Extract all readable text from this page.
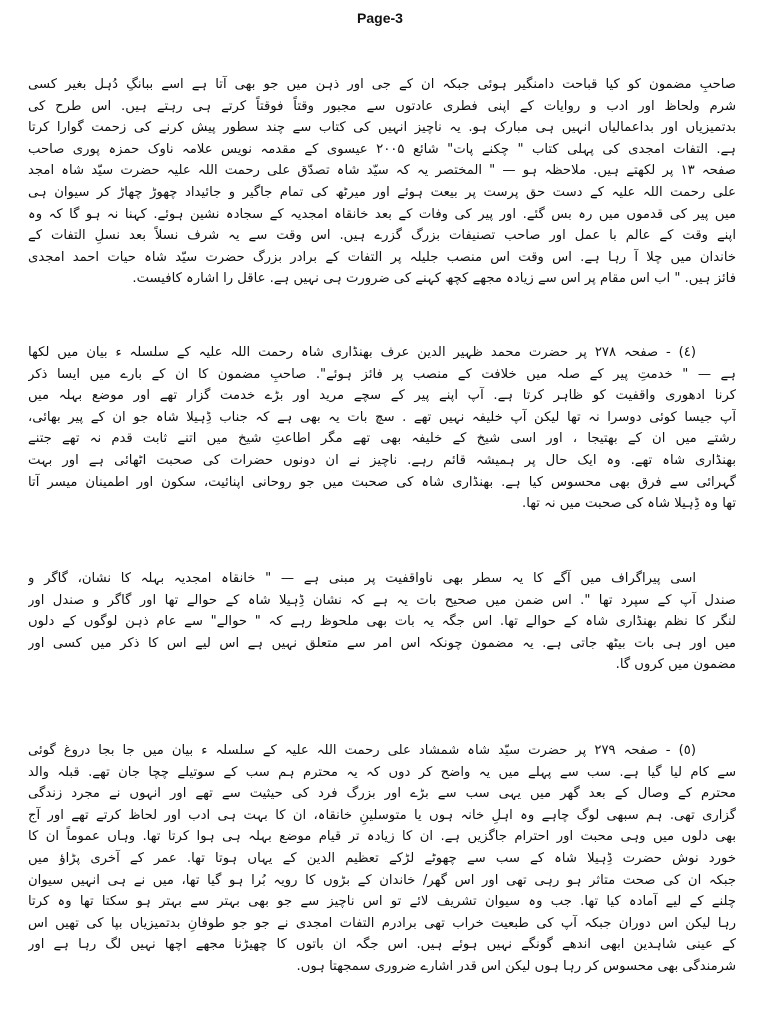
Page-3
صاحبِ مضمون کو کیا قباحت دامنگیر ہوئی جبکہ ان کے جی اور ذہن میں جو بھی آتا ہے اسے ببانگِ دُہل بغیر کسی
شرم ولحاظ اور ادب و روایات کے اپنی فطری عادتوں سے مجبور وقتاً فوقتاً کرتے ہی رہتے ہیں. اس طرح کی
بدتمیزیاں اور بداعمالیاں انہیں ہی مبارک ہو. یہ ناچیز انہیں کی کتاب سے چند سطور پیش کرنے کی زحمت گوارا کرتا
ہے. التفات امجدی کی پہلی کتاب " چکنے پات" شائع ۲۰۰۵ عیسوی کے مقدمہ نویس علامہ ناوک حمزہ پوری صاحب
صفحہ ۱۳ پر لکھتے ہیں. ملاحظہ ہو — " المختصر یہ کہ سیّد شاہ تصدّق علی رحمت اللہ علیہ حضرت سیّد شاہ امجد
علی رحمت اللہ علیہ کے دست حق پرست پر بیعت ہوئے اور میرٹھ کی تمام جاگیر و جائیداد چھوڑ چھاڑ کر سیوان ہی
میں پیر کی قدموں میں رہ بس گئے. اور پیر کی وفات کے بعد خانقاہ امجدیہ کے سجادہ نشین ہوئے. کہنا نہ ہو گا کہ وہ
اپنے وقت کے عالم با عمل اور صاحب تصنیفات بزرگ گزرے ہیں. اس وقت سے یہ شرف نسلاً بعد نسلِ التفات کے
خاندان میں چلا آ رہا ہے. اس وقت اس منصب جلیلہ پر التفات کے برادر بزرگ حضرت سیّد شاہ حیات احمد امجدی
فائز ہیں. " اب اس مقام پر اس سے زیادہ مجھے کچھ کہنے کی ضرورت ہی نہیں ہے. عاقل را اشارہ کافیست.
(٤) - صفحہ ۲۷۸ پر حضرت محمد ظہیر الدین عرف بھنڈاری شاہ رحمت اللہ علیہ کے سلسلہ ء بیان میں لکھا
ہے — " خدمتِ پیر کے صلہ میں خلافت کے منصب پر فائز ہوئے". صاحبِ مضمون کا ان کے بارے میں ایسا ذکر
کرنا ادھوری واقفیت کو ظاہر کرتا ہے. آپ اپنے پیر کے سچے مرید اور بڑے خدمت گزار تھے اور موضع بہلہ میں
آپ جیسا کوئی دوسرا نہ تھا لیکن آپ خلیفہ نہیں تھے . سچ بات یہ بھی ہے کہ جناب ڈِہیلا شاہ جو ان کے پیر بھائی،
رشتے میں ان کے بھتیجا ، اور اسی شیخ کے خلیفہ بھی تھے مگر اطاعتِ شیخ میں اتنے ثابت قدم نہ تھے جتنے
بھنڈاری شاہ تھے. وہ ایک حال پر ہمیشہ قائم رہے. ناچیز نے ان دونوں حضرات کی صحبت اٹھائی ہے اور بہت
گہرائی سے فرق بھی محسوس کیا ہے. بھنڈاری شاہ کی صحبت میں جو روحانی اپنائیت، سکون اور اطمینان میسر آتا
تھا وہ ڈِہیلا شاہ کی صحبت میں نہ تھا.
اسی پیراگراف میں آگے کا یہ سطر بھی ناواقفیت پر مبنی ہے — " خانقاہ امجدیہ بہلہ کا نشان، گاگر و
صندل آپ کے سپرد تھا ". اس ضمن میں صحیح بات یہ ہے کہ نشان ڈِہیلا شاہ کے حوالے تھا اور گاگر و صندل اور
لنگر کا نظم بھنڈاری شاہ کے حوالے تھا. اس جگہ یہ بات بھی ملحوظ رہے کہ " حوالے" سے عام ذہن لوگوں کے دلوں
میں اور ہی بات بیٹھ جاتی ہے. یہ مضمون چونکہ اس امر سے متعلق نہیں ہے اس لیے اس کا ذکر میں کسی اور
مضمون میں کروں گا.
(٥) - صفحہ ۲۷۹ پر حضرت سیّد شاہ شمشاد علی رحمت اللہ علیہ کے سلسلہ ء بیان میں جا بجا دروغ گوئی
سے کام لیا گیا ہے. سب سے پہلے میں یہ واضح کر دوں کہ یہ محترم ہم سب کے سوتیلے چچا جان تھے. قبلہ والد
محترم کے وصال کے بعد گھر میں یہی سب سے بڑے اور بزرگ فرد کی حیثیت سے تھے اور انہوں نے مجرد زندگی
گزاری تھی. ہم سبھی لوگ چاہے وہ اہلِ خانہ ہوں یا متوسلینِ خانقاہ، ان کا بہت ہی ادب اور لحاظ کرتے تھے اور آج
بھی دلوں میں وہی محبت اور احترام جاگزیں ہے. ان کا زیادہ تر قیام موضع بہلہ ہی ہوا کرتا تھا. وہاں عموماً ان کا
خورد نوش حضرت ڈِہیلا شاہ کے سب سے چھوٹے لڑکے تعظیم الدین کے یہاں ہوتا تھا. عمر کے آخری پڑاؤ میں
جبکہ ان کی صحت متاثر ہو رہی تھی اور اس گھر/ خاندان کے بڑوں کا رویہ بُرا ہو گیا تھا، میں نے ہی انہیں سیوان
چلنے کے لیے آمادہ کیا تھا. جب وہ سیوان تشریف لائے تو اس ناچیز سے جو بھی بہتر سے بہتر ہو سکتا تھا وہ کرتا
رہا لیکن اس دوران جبکہ آپ کی طبعیت خراب تھی برادرم التفات امجدی نے جو جو طوفانِ بدتمیزیاں بپا کی تھیں اس
کے عینی شاہدین ابھی اندھے گونگے نہیں ہوئے ہیں. اس جگہ ان باتوں کا چھیڑنا مجھے اچھا نہیں لگ رہا ہے اور
شرمندگی بھی محسوس کر رہا ہوں لیکن اس قدر اشارے ضروری سمجھتا ہوں.
